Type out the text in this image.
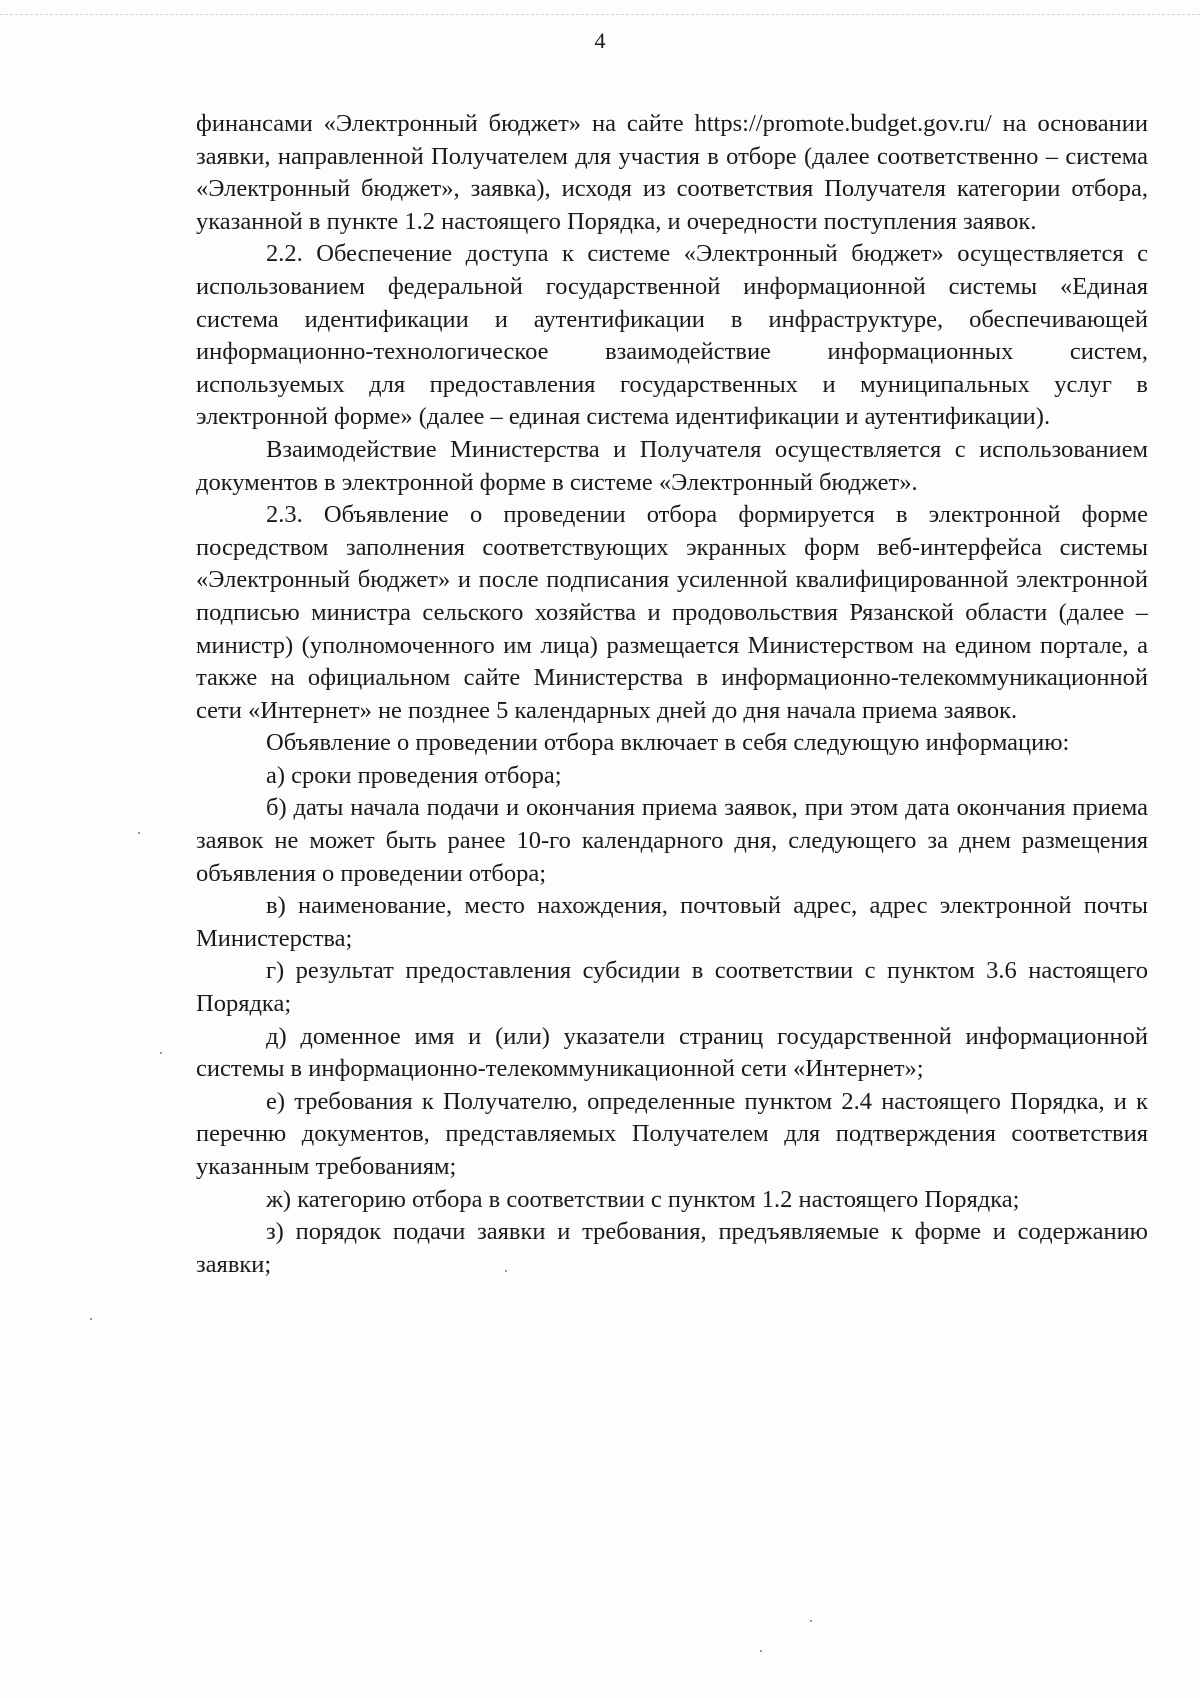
4

финансами «Электронный бюджет» на сайте https://promote.budget.gov.ru/ на основании заявки, направленной Получателем для участия в отборе (далее соответственно – система «Электронный бюджет», заявка), исходя из соответствия Получателя категории отбора, указанной в пункте 1.2 настоящего Порядка, и очередности поступления заявок.

2.2. Обеспечение доступа к системе «Электронный бюджет» осуществляется с использованием федеральной государственной информационной системы «Единая система идентификации и аутентификации в инфраструктуре, обеспечивающей информационно-технологическое взаимодействие информационных систем, используемых для предоставления государственных и муниципальных услуг в электронной форме» (далее – единая система идентификации и аутентификации).

Взаимодействие Министерства и Получателя осуществляется с использованием документов в электронной форме в системе «Электронный бюджет».

2.3. Объявление о проведении отбора формируется в электронной форме посредством заполнения соответствующих экранных форм веб-интерфейса системы «Электронный бюджет» и после подписания усиленной квалифицированной электронной подписью министра сельского хозяйства и продовольствия Рязанской области (далее – министр) (уполномоченного им лица) размещается Министерством на едином портале, а также на официальном сайте Министерства в информационно-телекоммуникационной сети «Интернет» не позднее 5 календарных дней до дня начала приема заявок.

Объявление о проведении отбора включает в себя следующую информацию:

а) сроки проведения отбора;

б) даты начала подачи и окончания приема заявок, при этом дата окончания приема заявок не может быть ранее 10-го календарного дня, следующего за днем размещения объявления о проведении отбора;

в) наименование, место нахождения, почтовый адрес, адрес электронной почты Министерства;

г) результат предоставления субсидии в соответствии с пунктом 3.6 настоящего Порядка;

д) доменное имя и (или) указатели страниц государственной информационной системы в информационно-телекоммуникационной сети «Интернет»;

е) требования к Получателю, определенные пунктом 2.4 настоящего Порядка, и к перечню документов, представляемых Получателем для подтверждения соответствия указанным требованиям;

ж) категорию отбора в соответствии с пунктом 1.2 настоящего Порядка;

з) порядок подачи заявки и требования, предъявляемые к форме и содержанию заявки;
